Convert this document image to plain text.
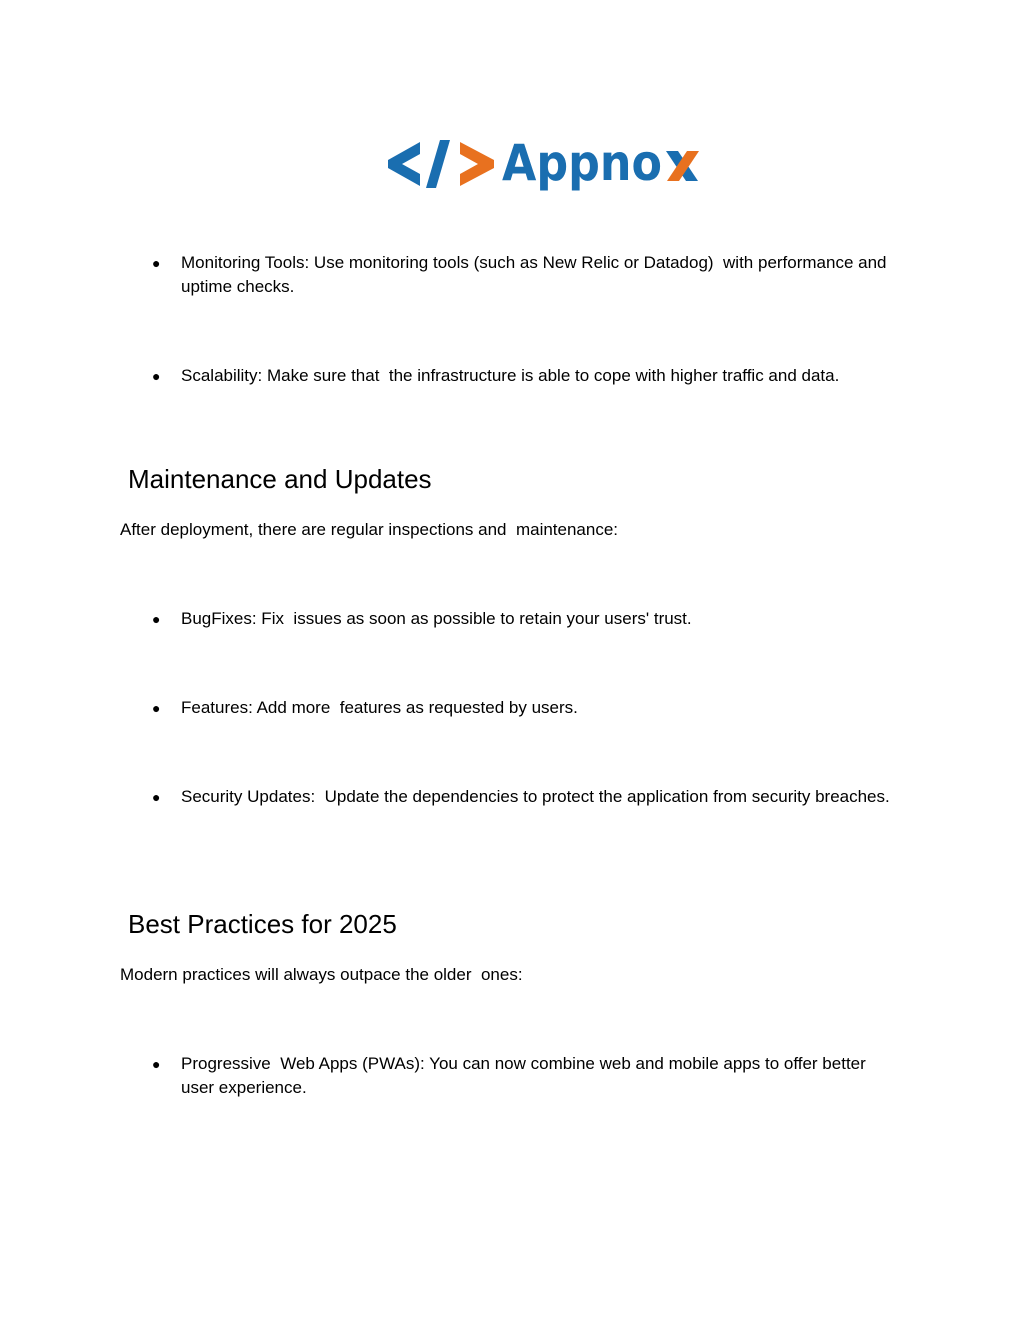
Appno
● Monitoring Tools: Use monitoring tools (such as New Relic or Datadog)  with performance and uptime checks.
● Scalability: Make sure that  the infrastructure is able to cope with higher traffic and data.
Maintenance and Updates

After deployment, there are regular inspections and  maintenance:

● BugFixes: Fix  issues as soon as possible to retain your users' trust.
● Features: Add more  features as requested by users.
● Security Updates:  Update the dependencies to protect the application from security breaches.
Best Practices for 2025

Modern practices will always outpace the older  ones:

● Progressive  Web Apps (PWAs): You can now combine web and mobile apps to offer better user experience.
